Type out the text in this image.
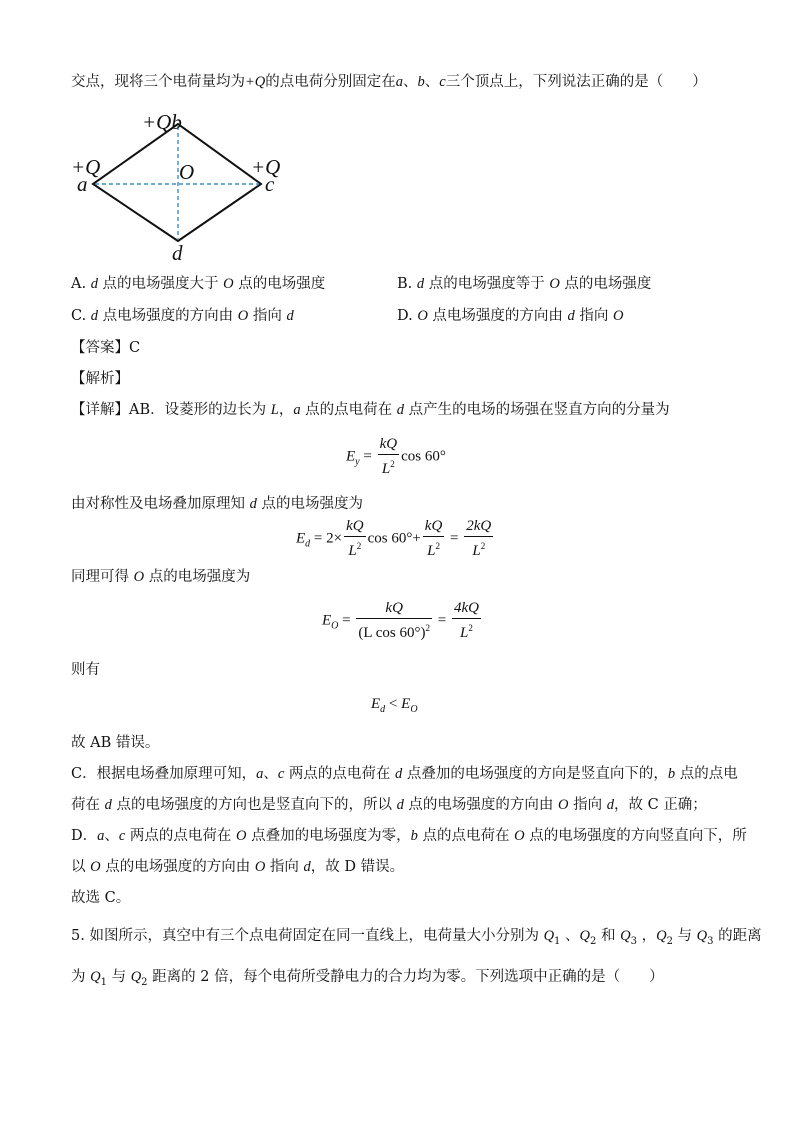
交点，现将三个电荷量均为+Q的点电荷分别固定在a、b、c三个顶点上，下列说法正确的是（　　）
+Qb
+Q
a	O	+Q
c
d
A. d 点的电场强度大于 O 点的电场强度	B. d 点的电场强度等于 O 点的电场强度
C. d 点电场强度的方向由 O 指向 d	D. O 点电场强度的方向由 d 指向 O
【答案】C
【解析】
【详解】AB．设菱形的边长为 L，a 点的点电荷在 d 点产生的电场的场强在竖直方向的分量为
$E_y = \frac{kQ}{L^2}$ cos 60°
由对称性及电场叠加原理知 d 点的电场强度为
$E_d = 2\times \frac{kQ}{L^2}$ $\cos 60^\circ+ \frac{kQ}{L^2} = \frac{2kQ}{L^2}$
同理可得 O 点的电场强度为
$E_O = \frac{kQ}{(L \cos 60^\circ)^2} = \frac{4kQ}{L^2}$
则有
$E_d < E_O$
故 AB 错误。
C．根据电场叠加原理可知，a、c 两点的点电荷在 d 点叠加的电场强度的方向是竖直向下的，b 点的点电
荷在 d 点的电场强度的方向也是竖直向下的，所以 d 点的电场强度的方向由 O 指向 d，故 C 正确；
D．a、c 两点的点电荷在 O 点叠加的电场强度为零，b 点的点电荷在 O 点的电场强度的方向竖直向下，所
以 O 点的电场强度的方向由 O 指向 d，故 D 错误。
故选 C。
5. 如图所示，真空中有三个点电荷固定在同一直线上，电荷量大小分别为 $Q_1$ 、$Q_2$ 和 $Q_3$ ，$Q_2$ 与 $Q_3$ 的距离
为 $Q_1$ 与 $Q_2$ 距离的 2 倍，每个电荷所受静电力的合力均为零。下列选项中正确的是（　　）
